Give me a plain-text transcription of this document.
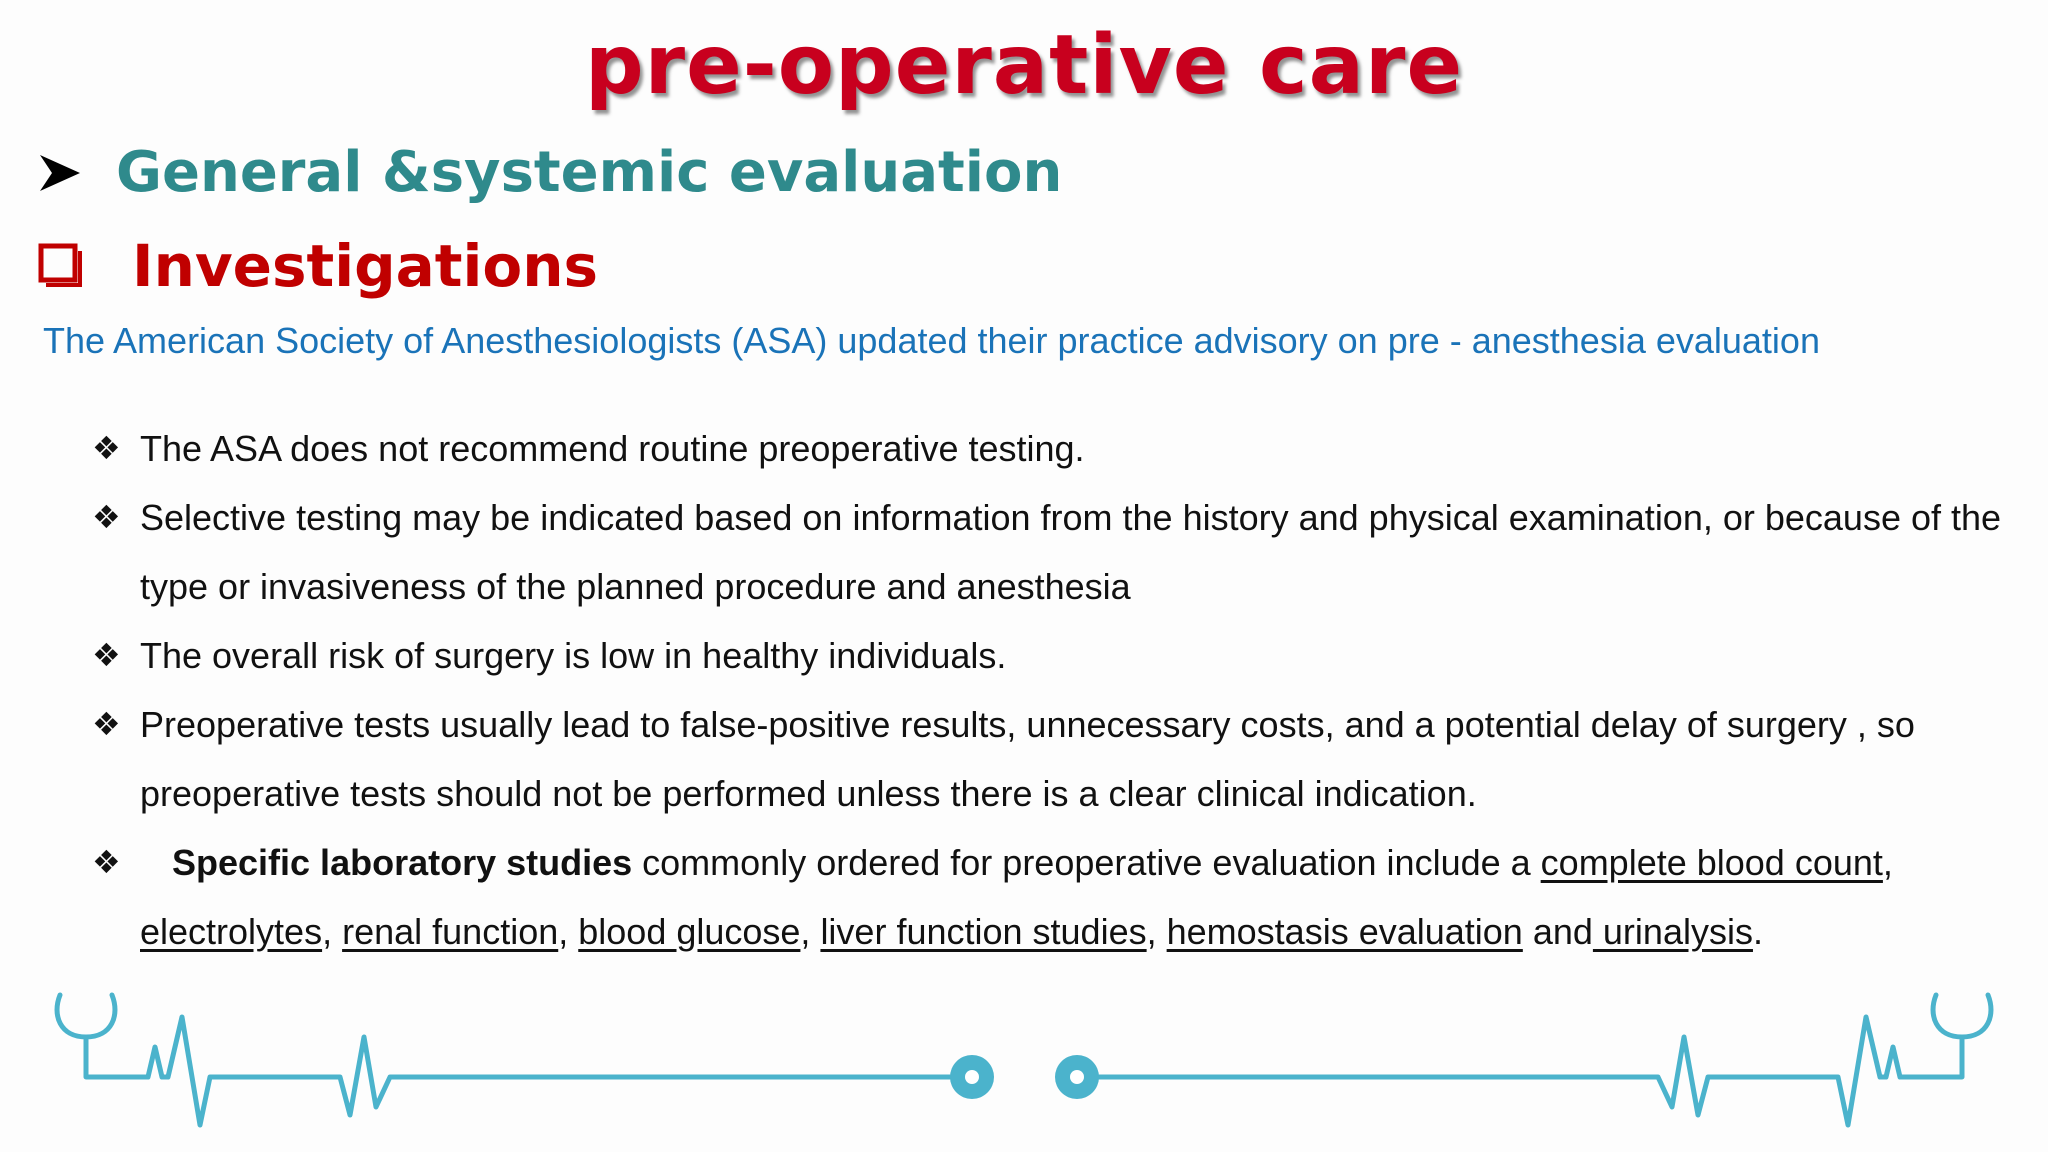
pre-operative care
General &systemic evaluation
Investigations
The American Society of Anesthesiologists (ASA) updated their practice advisory on pre - anesthesia evaluation
❖ The ASA does not recommend routine preoperative testing.
❖ Selective testing may be indicated based on information from the history and physical examination, or because of the type or invasiveness of the planned procedure and anesthesia
❖ The overall risk of surgery is low in healthy individuals.
❖ Preoperative tests usually lead to false-positive results, unnecessary costs, and a potential delay of surgery , so preoperative tests should not be performed unless there is a clear clinical indication.
❖ Specific laboratory studies commonly ordered for preoperative evaluation include a complete blood count, electrolytes, renal function, blood glucose, liver function studies, hemostasis evaluation and urinalysis.
